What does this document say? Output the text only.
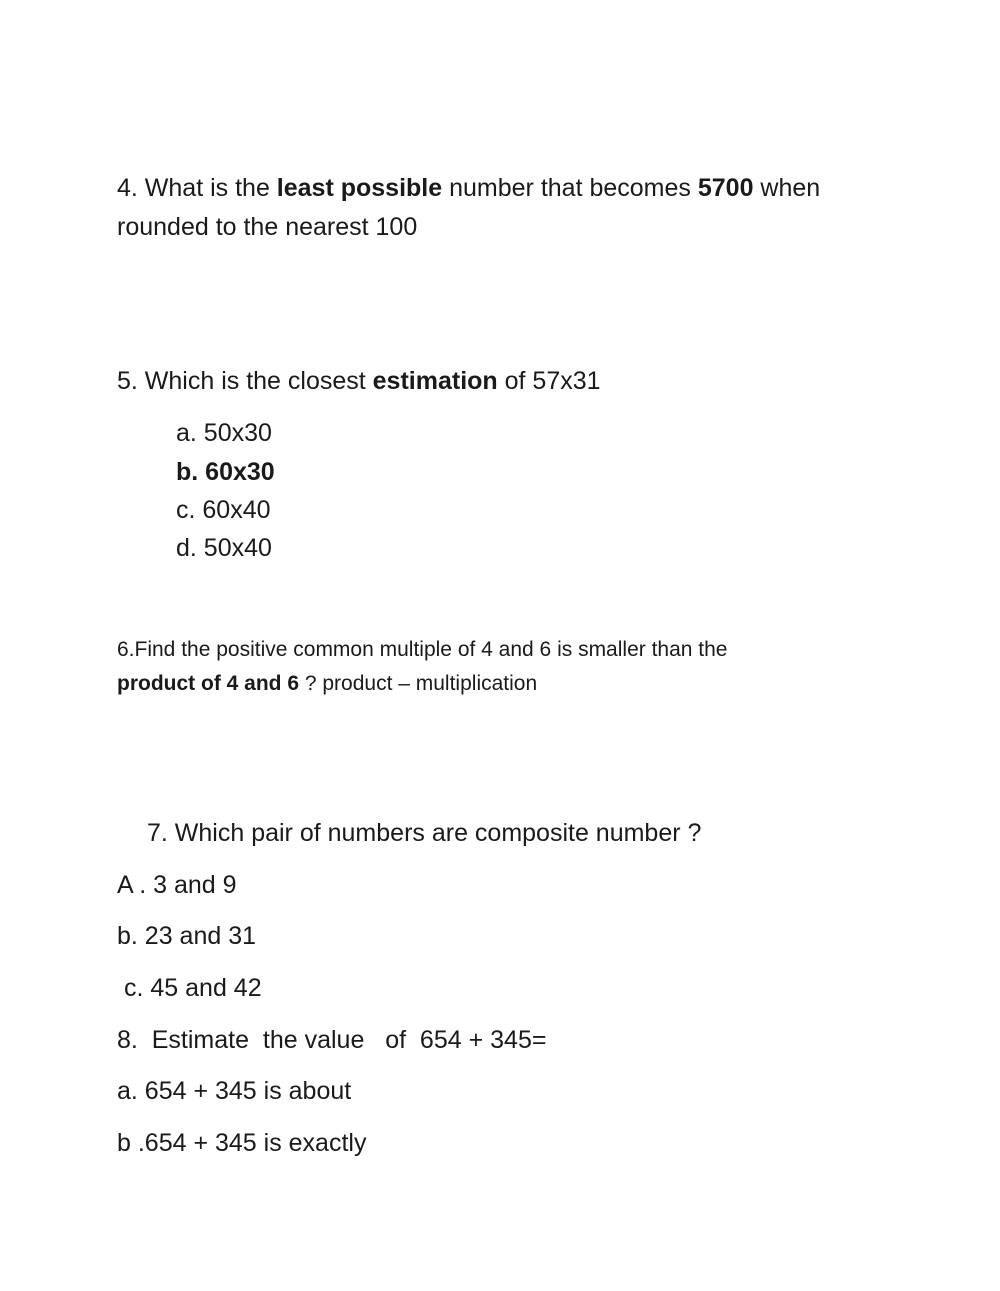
4. What is the least possible number that becomes 5700 when
rounded to the nearest 100
5. Which is the closest estimation of 57x31
a. 50x30
b. 60x30
c. 60x40
d. 50x40
6.Find the positive common multiple of 4 and 6 is smaller than the
product of 4 and 6 ? product – multiplication
7. Which pair of numbers are composite number ?
A . 3 and 9
b. 23 and 31
c. 45 and 42
8.  Estimate  the value   of  654 + 345=
a. 654 + 345 is about
b .654 + 345 is exactly
